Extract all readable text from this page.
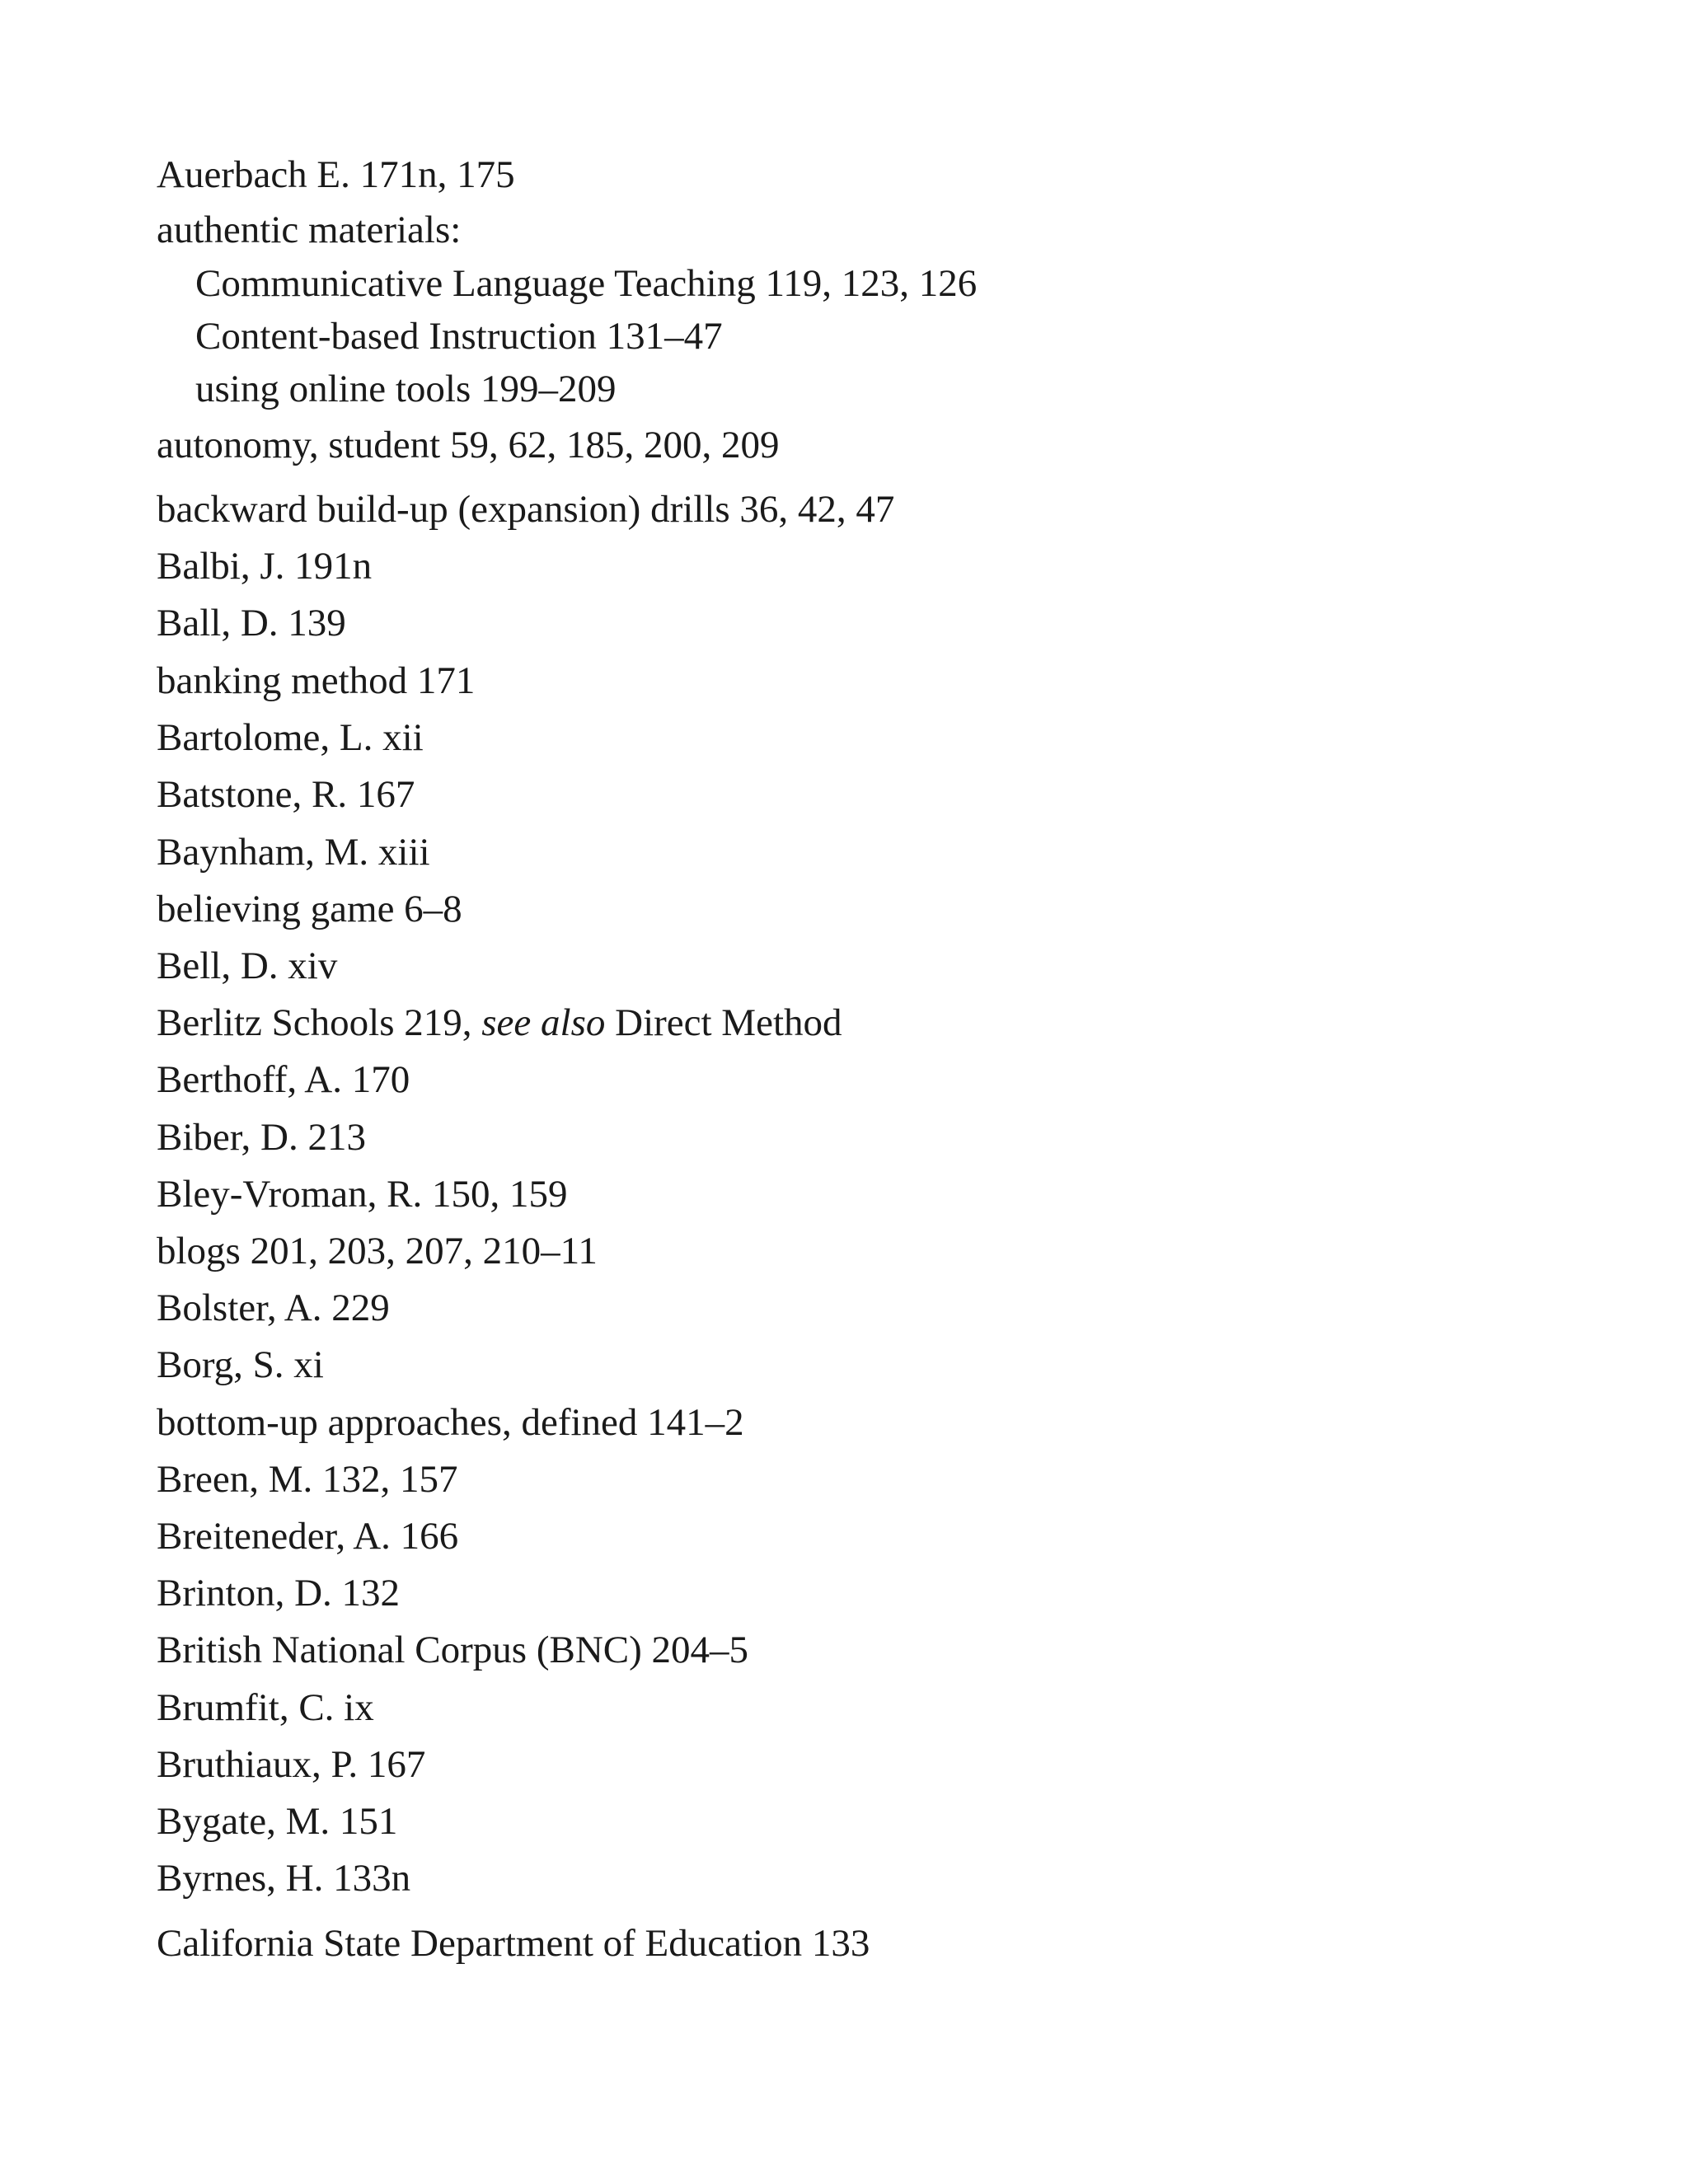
Auerbach E. 171n, 175
authentic materials:
Communicative Language Teaching 119, 123, 126
Content-based Instruction 131–47
using online tools 199–209
autonomy, student 59, 62, 185, 200, 209
backward build-up (expansion) drills 36, 42, 47
Balbi, J. 191n
Ball, D. 139
banking method 171
Bartolome, L. xii
Batstone, R. 167
Baynham, M. xiii
believing game 6–8
Bell, D. xiv
Berlitz Schools 219, see also Direct Method
Berthoff, A. 170
Biber, D. 213
Bley-Vroman, R. 150, 159
blogs 201, 203, 207, 210–11
Bolster, A. 229
Borg, S. xi
bottom-up approaches, defined 141–2
Breen, M. 132, 157
Breiteneder, A. 166
Brinton, D. 132
British National Corpus (BNC) 204–5
Brumfit, C. ix
Bruthiaux, P. 167
Bygate, M. 151
Byrnes, H. 133n
California State Department of Education 133
